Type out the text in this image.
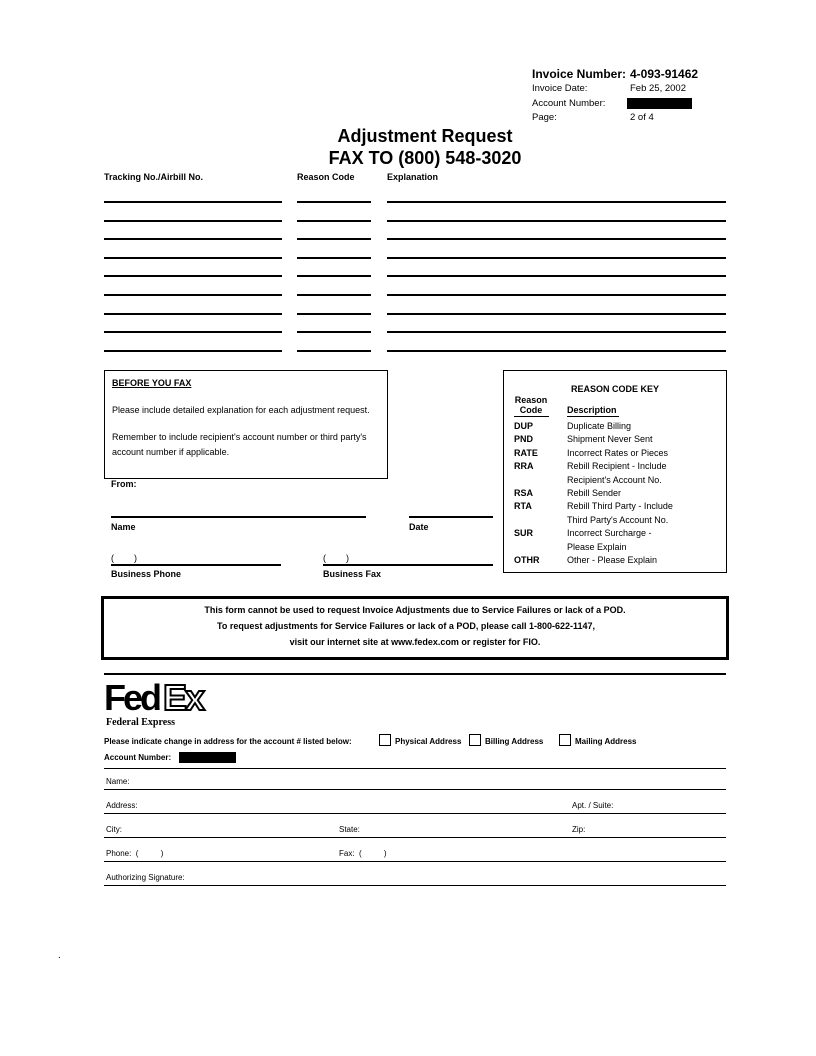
Invoice Number: 4-093-91462
Invoice Date:	Feb 25, 2002
Account Number:
Page:	2 of 4
Adjustment Request
FAX TO (800) 548-3020
Tracking No./Airbill No.	Reason Code	Explanation
BEFORE YOU FAX
Please include detailed explanation for each adjustment request.
Remember to include recipient's account number or third party's
account number if applicable.
From:
Name	Date
(        )	(        )
Business Phone	Business Fax
REASON CODE KEY
Reason
Code	Description
DUP	Duplicate Billing
PND	Shipment Never Sent
RATE	Incorrect Rates or Pieces
RRA	Rebill Recipient - Include
Recipient's Account No.
RSA	Rebill Sender
RTA	Rebill Third Party - Include
Third Party's Account No.
SUR	Incorrect Surcharge -
Please Explain
OTHR	Other - Please Explain
This form cannot be used to request Invoice Adjustments due to Service Failures or lack of a POD.
To request adjustments for Service Failures or lack of a POD, please call 1-800-622-1147,
visit our internet site at www.fedex.com or register for FIO.
Fed Ex
Federal Express
Please indicate change in address for the account # listed below:	Physical Address	Billing Address	Mailing Address
Account Number:
Name:
Address:	Apt. / Suite:
City:	State:	Zip:
Phone:  (          )	Fax:  (          )
Authorizing Signature:
.
